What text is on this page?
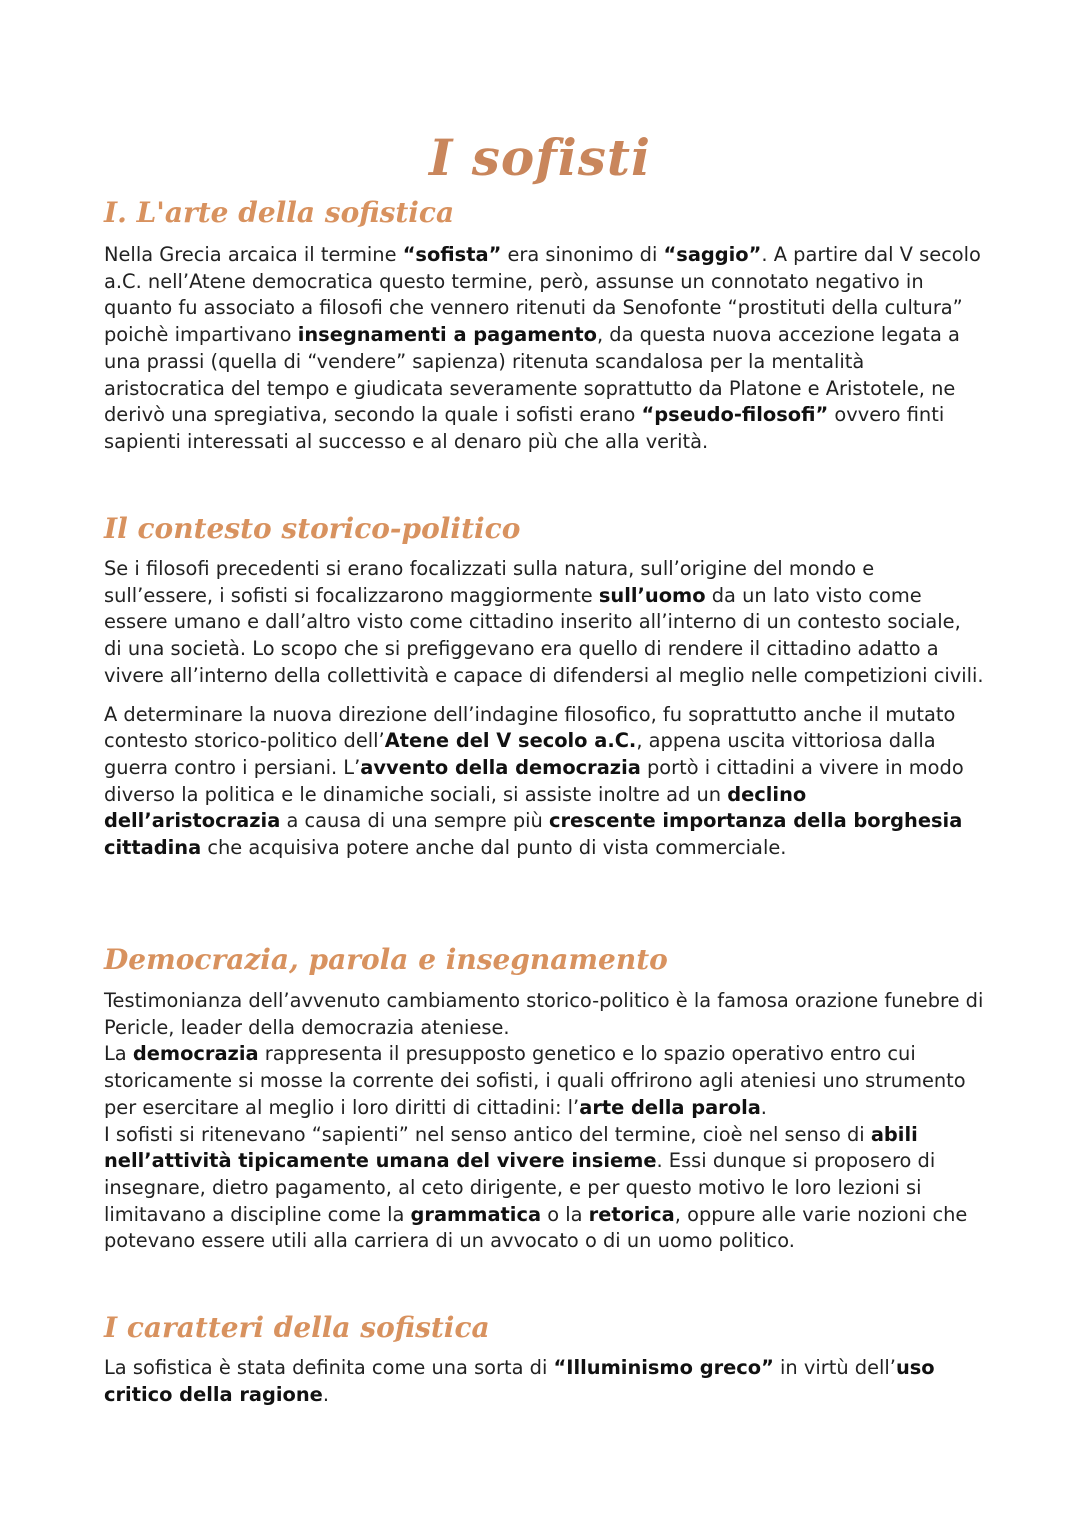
I sofisti
I. L'arte della sofistica

Nella Grecia arcaica il termine “sofista” era sinonimo di “saggio”. A partire dal V secolo a.C. nell’Atene democratica questo termine, però, assunse un connotato negativo in quanto fu associato a filosofi che vennero ritenuti da Senofonte “prostituti della cultura” poichè impartivano insegnamenti a pagamento, da questa nuova accezione legata a una prassi (quella di “vendere” sapienza) ritenuta scandalosa per la mentalità aristocratica del tempo e giudicata severamente soprattutto da Platone e Aristotele, ne derivò una spregiativa, secondo la quale i sofisti erano “pseudo-filosofi” ovvero finti sapienti interessati al successo e al denaro più che alla verità.

Il contesto storico-politico

Se i filosofi precedenti si erano focalizzati sulla natura, sull’origine del mondo e sull’essere, i sofisti si focalizzarono maggiormente sull’uomo da un lato visto come essere umano e dall’altro visto come cittadino inserito all’interno di un contesto sociale, di una società. Lo scopo che si prefiggevano era quello di rendere il cittadino adatto a vivere all’interno della collettività e capace di difendersi al meglio nelle competizioni civili.

A determinare la nuova direzione dell’indagine filosofico, fu soprattutto anche il mutato contesto storico-politico dell’Atene del V secolo a.C., appena uscita vittoriosa dalla guerra contro i persiani. L’avvento della democrazia portò i cittadini a vivere in modo diverso la politica e le dinamiche sociali, si assiste inoltre ad un declino dell’aristocrazia a causa di una sempre più crescente importanza della borghesia cittadina che acquisiva potere anche dal punto di vista commerciale.

Democrazia, parola e insegnamento

Testimonianza dell’avvenuto cambiamento storico-politico è la famosa orazione funebre di Pericle, leader della democrazia ateniese.

La democrazia rappresenta il presupposto genetico e lo spazio operativo entro cui storicamente si mosse la corrente dei sofisti, i quali offrirono agli ateniesi uno strumento per esercitare al meglio i loro diritti di cittadini: l’arte della parola.

I sofisti si ritenevano “sapienti” nel senso antico del termine, cioè nel senso di abili nell’attività tipicamente umana del vivere insieme. Essi dunque si proposero di insegnare, dietro pagamento, al ceto dirigente, e per questo motivo le loro lezioni si limitavano a discipline come la grammatica o la retorica, oppure alle varie nozioni che potevano essere utili alla carriera di un avvocato o di un uomo politico.

I caratteri della sofistica

La sofistica è stata definita come una sorta di “Illuminismo greco” in virtù dell’uso critico della ragione.
